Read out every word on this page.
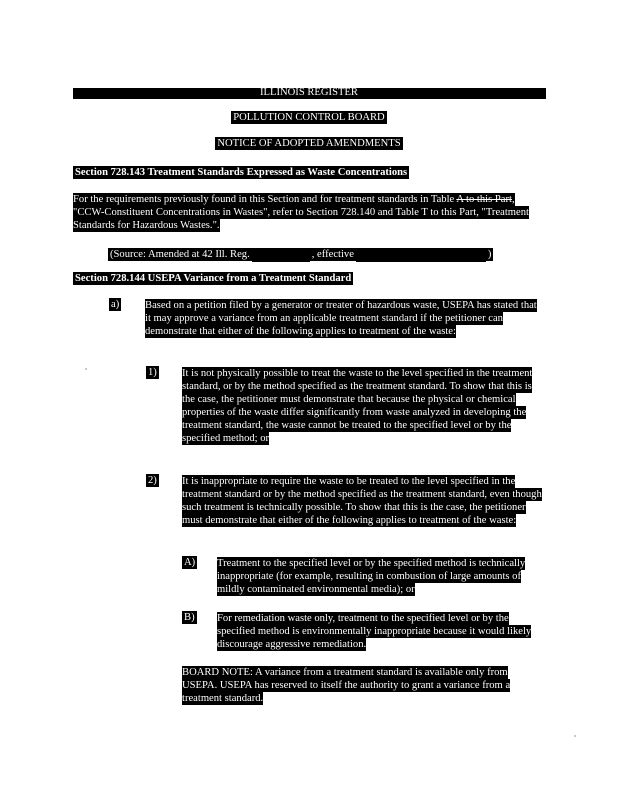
ILLINOIS REGISTER
POLLUTION CONTROL BOARD
NOTICE OF ADOPTED AMENDMENTS
Section 728.143 Treatment Standards Expressed as Waste Concentrations
For the requirements previously found in this Section and for treatment standards in Table A to this Part, "CCW-Constituent Concentrations in Wastes", refer to Section 728.140 and Table T to this Part, "Treatment Standards for Hazardous Wastes.".
(Source: Amended at 42 Ill. Reg.	, effective	)
Section 728.144 USEPA Variance from a Treatment Standard
a) Based on a petition filed by a generator or treater of hazardous waste, USEPA has stated that it may approve a variance from an applicable treatment standard if the petitioner can demonstrate that either of the following applies to treatment of the waste:
1) It is not physically possible to treat the waste to the level specified in the treatment standard, or by the method specified as the treatment standard. To show that this is the case, the petitioner must demonstrate that because the physical or chemical properties of the waste differ significantly from waste analyzed in developing the treatment standard, the waste cannot be treated to the specified level or by the specified method; or
2) It is inappropriate to require the waste to be treated to the level specified in the treatment standard or by the method specified as the treatment standard, even though such treatment is technically possible. To show that this is the case, the petitioner must demonstrate that either of the following applies to treatment of the waste:
A) Treatment to the specified level or by the specified method is technically inappropriate (for example, resulting in combustion of large amounts of mildly contaminated environmental media); or
B) For remediation waste only, treatment to the specified level or by the specified method is environmentally inappropriate because it would likely discourage aggressive remediation.
BOARD NOTE: A variance from a treatment standard is available only from USEPA. USEPA has reserved to itself the authority to grant a variance from a treatment standard.
